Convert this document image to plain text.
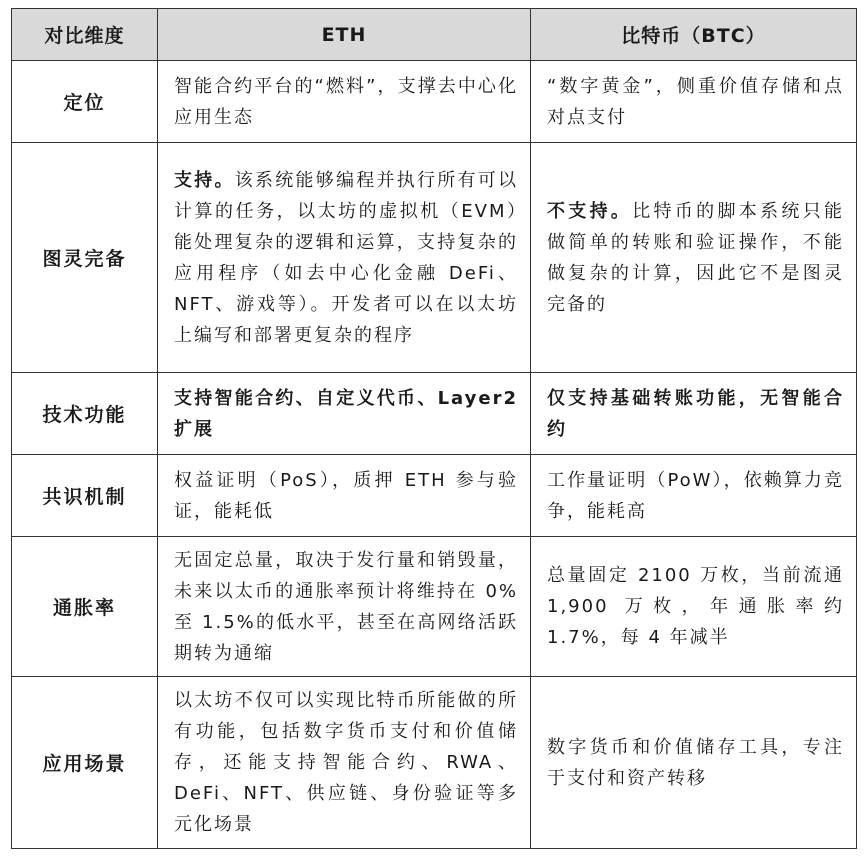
对比维度	ETH	比特币（BTC）
定位	智能合约平台的“燃料”，支撑去中心化应用生态	“数字黄金”，侧重价值存储和点对点支付
图灵完备	支持。该系统能够编程并执行所有可以计算的任务，以太坊的虚拟机（EVM）能处理复杂的逻辑和运算，支持复杂的应用程序（如去中心化金融 DeFi、NFT、游戏等）。开发者可以在以太坊上编写和部署更复杂的程序	不支持。比特币的脚本系统只能做简单的转账和验证操作，不能做复杂的计算，因此它不是图灵完备的
技术功能	支持智能合约、自定义代币、Layer2 扩展	仅支持基础转账功能，无智能合约
共识机制	权益证明（PoS），质押 ETH 参与验证，能耗低	工作量证明（PoW），依赖算力竞争，能耗高
通胀率	无固定总量，取决于发行量和销毁量，未来以太币的通胀率预计将维持在 0%至 1.5%的低水平，甚至在高网络活跃期转为通缩	总量固定 2100 万枚，当前流通 1,900 万枚，年通胀率约 1.7%，每 4 年减半
应用场景	以太坊不仅可以实现比特币所能做的所有功能，包括数字货币支付和价值储存，还能支持智能合约、RWA、DeFi、NFT、供应链、身份验证等多元化场景	数字货币和价值储存工具，专注于支付和资产转移
